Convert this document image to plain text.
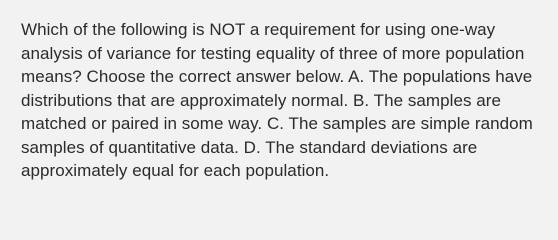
Which of the following is NOT a requirement for using one-way analysis of variance for testing equality of three of more population means? Choose the correct answer below. A. The populations have distributions that are approximately normal. B. The samples are matched or paired in some way. C. The samples are simple random samples of quantitative data. D. The standard deviations are approximately equal for each population.
